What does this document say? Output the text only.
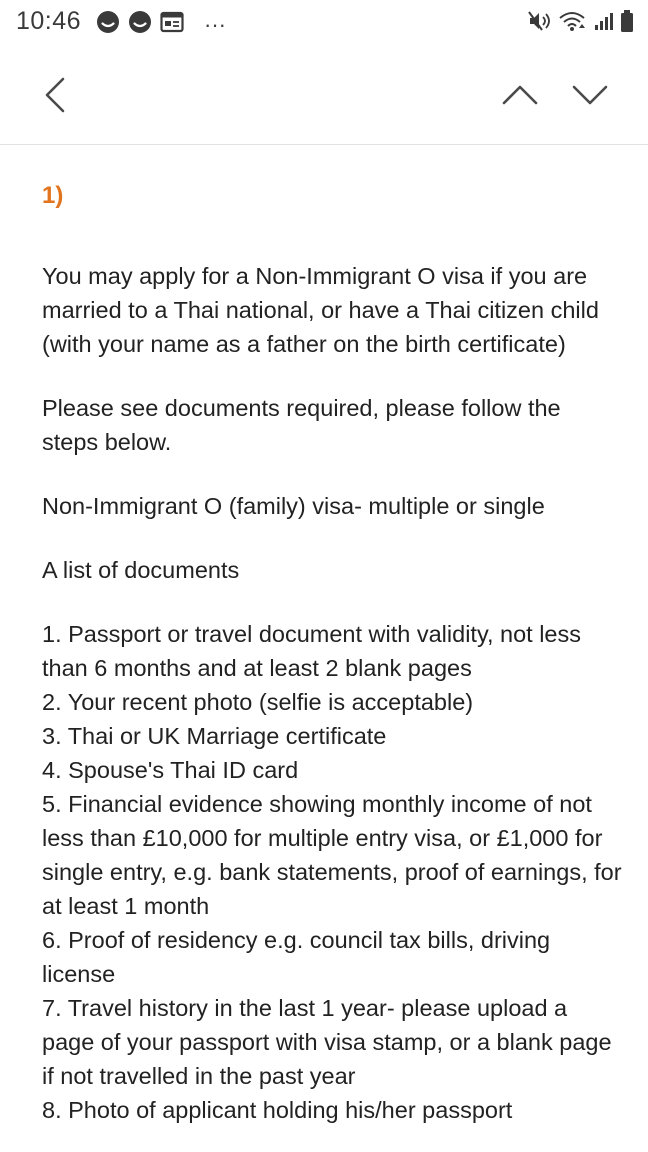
10:46	···
1)

You may apply for a Non-Immigrant O visa if you are married to a Thai national, or have a Thai citizen child (with your name as a father on the birth certificate)

Please see documents required, please follow the steps below.

Non-Immigrant O (family) visa- multiple or single

A list of documents

1. Passport or travel document with validity, not less than 6 months and at least 2 blank pages
2. Your recent photo (selfie is acceptable)
3. Thai or UK Marriage certificate
4. Spouse's Thai ID card
5. Financial evidence showing monthly income of not less than £10,000 for multiple entry visa, or £1,000 for single entry, e.g. bank statements, proof of earnings, for at least 1 month
6. Proof of residency e.g. council tax bills, driving license
7. Travel history in the last 1 year- please upload a page of your passport with visa stamp, or a blank page if not travelled in the past year
8. Photo of applicant holding his/her passport
